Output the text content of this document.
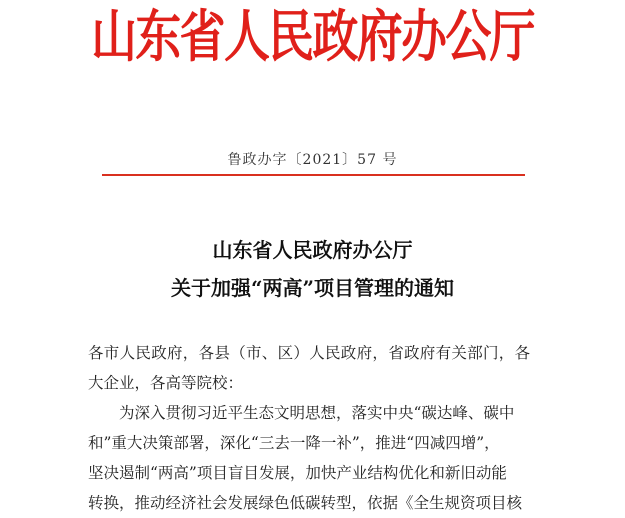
山东省人民政府办公厅
鲁政办字〔2021〕57 号
山东省人民政府办公厅
关于加强“两高”项目管理的通知
各市人民政府，各县（市、区）人民政府，省政府有关部门，各
大企业，各高等院校：
为深入贯彻习近平生态文明思想，落实中央“碳达峰、碳中
和”重大决策部署，深化“三去一降一补”，推进“四减四增”，
坚决遏制“两高”项目盲目发展，加快产业结构优化和新旧动能
转换，推动经济社会发展绿色低碳转型，依据《全生规资项目核
